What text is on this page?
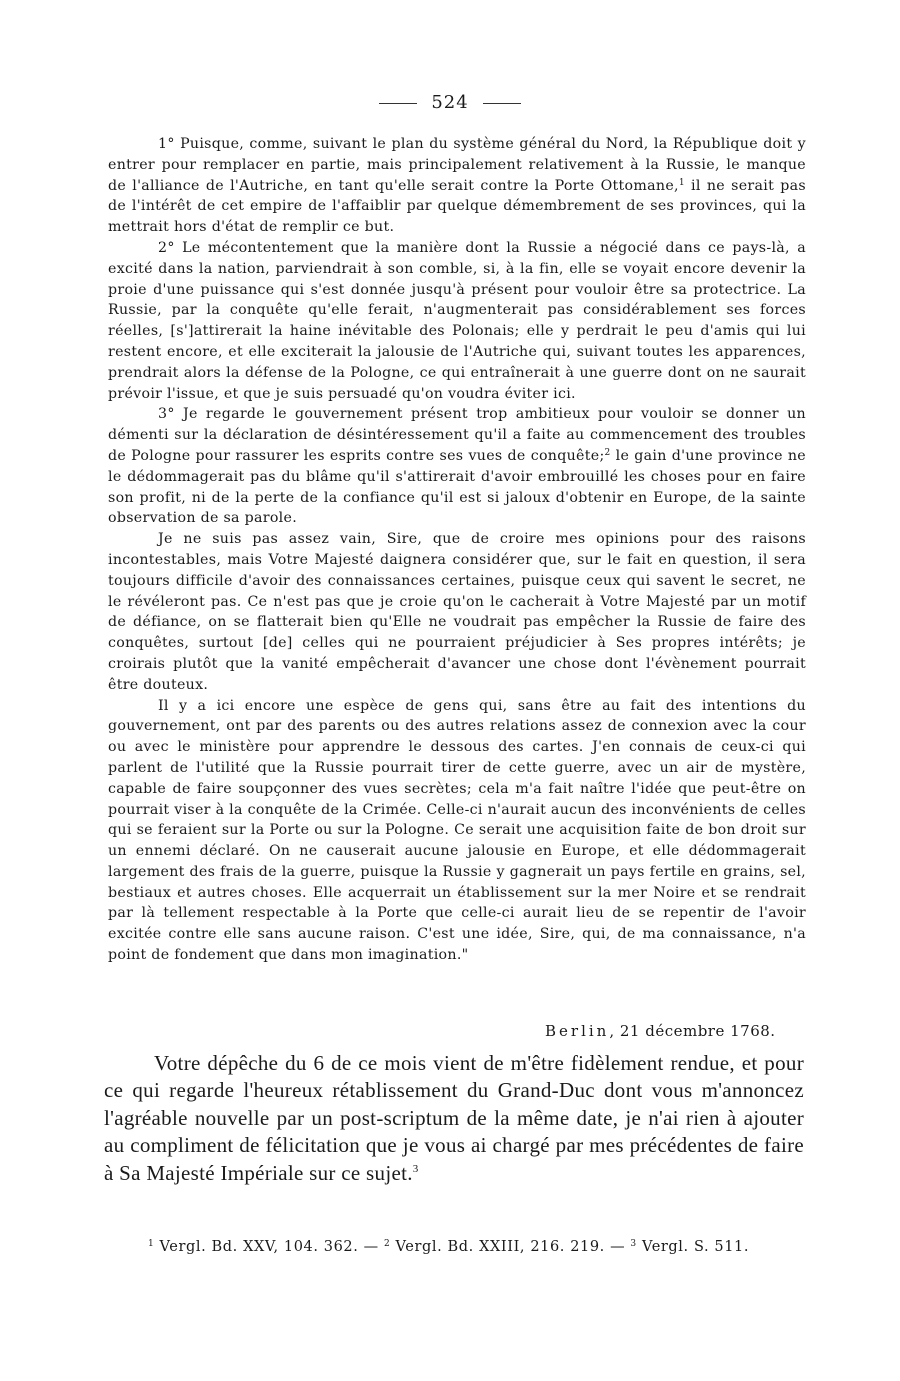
524

1° Puisque, comme, suivant le plan du système général du Nord, la République doit y entrer pour remplacer en partie, mais principalement relativement à la Russie, le manque de l'alliance de l'Autriche, en tant qu'elle serait contre la Porte Ottomane,$^1$ il ne serait pas de l'intérêt de cet empire de l'affaiblir par quelque démembrement de ses provinces, qui la mettrait hors d'état de remplir ce but.

2° Le mécontentement que la manière dont la Russie a négocié dans ce pays-là, a excité dans la nation, parviendrait à son comble, si, à la fin, elle se voyait encore devenir la proie d'une puissance qui s'est donnée jusqu'à présent pour vouloir être sa protectrice. La Russie, par la conquête qu'elle ferait, n'augmenterait pas considérablement ses forces réelles, [s']attirerait la haine inévitable des Polonais; elle y perdrait le peu d'amis qui lui restent encore, et elle exciterait la jalousie de l'Autriche qui, suivant toutes les apparences, prendrait alors la défense de la Pologne, ce qui entraînerait à une guerre dont on ne saurait prévoir l'issue, et que je suis persuadé qu'on voudra éviter ici.

3° Je regarde le gouvernement présent trop ambitieux pour vouloir se donner un démenti sur la déclaration de désintéressement qu'il a faite au commencement des troubles de Pologne pour rassurer les esprits contre ses vues de conquête;$^2$ le gain d'une province ne le dédommagerait pas du blâme qu'il s'attirerait d'avoir embrouillé les choses pour en faire son profit, ni de la perte de la confiance qu'il est si jaloux d'obtenir en Europe, de la sainte observation de sa parole.

Je ne suis pas assez vain, Sire, que de croire mes opinions pour des raisons incontestables, mais Votre Majesté daignera considérer que, sur le fait en question, il sera toujours difficile d'avoir des connaissances certaines, puisque ceux qui savent le secret, ne le révéleront pas. Ce n'est pas que je croie qu'on le cacherait à Votre Majesté par un motif de défiance, on se flatterait bien qu'Elle ne voudrait pas empêcher la Russie de faire des conquêtes, surtout [de] celles qui ne pourraient préjudicier à Ses propres intérêts; je croirais plutôt que la vanité empêcherait d'avancer une chose dont l'évènement pourrait être douteux.

Il y a ici encore une espèce de gens qui, sans être au fait des intentions du gouvernement, ont par des parents ou des autres relations assez de connexion avec la cour ou avec le ministère pour apprendre le dessous des cartes. J'en connais de ceux-ci qui parlent de l'utilité que la Russie pourrait tirer de cette guerre, avec un air de mystère, capable de faire soupçonner des vues secrètes; cela m'a fait naître l'idée que peut-être on pourrait viser à la conquête de la Crimée. Celle-ci n'aurait aucun des inconvénients de celles qui se feraient sur la Porte ou sur la Pologne. Ce serait une acquisition faite de bon droit sur un ennemi déclaré. On ne causerait aucune jalousie en Europe, et elle dédommagerait largement des frais de la guerre, puisque la Russie y gagnerait un pays fertile en grains, sel, bestiaux et autres choses. Elle acquerrait un établissement sur la mer Noire et se rendrait par là tellement respectable à la Porte que celle-ci aurait lieu de se repentir de l'avoir excitée contre elle sans aucune raison. C'est une idée, Sire, qui, de ma connaissance, n'a point de fondement que dans mon imagination."

Berlin, 21 décembre 1768.

Votre dépêche du 6 de ce mois vient de m'être fidèlement rendue, et pour ce qui regarde l'heureux rétablissement du Grand-Duc dont vous m'annoncez l'agréable nouvelle par un post-scriptum de la même date, je n'ai rien à ajouter au compliment de félicitation que je vous ai chargé par mes précédentes de faire à Sa Majesté Impériale sur ce sujet.$^3$

$^1$ Vergl. Bd. XXV, 104. 362. — $^2$ Vergl. Bd. XXIII, 216. 219. — $^3$ Vergl. S. 511.
